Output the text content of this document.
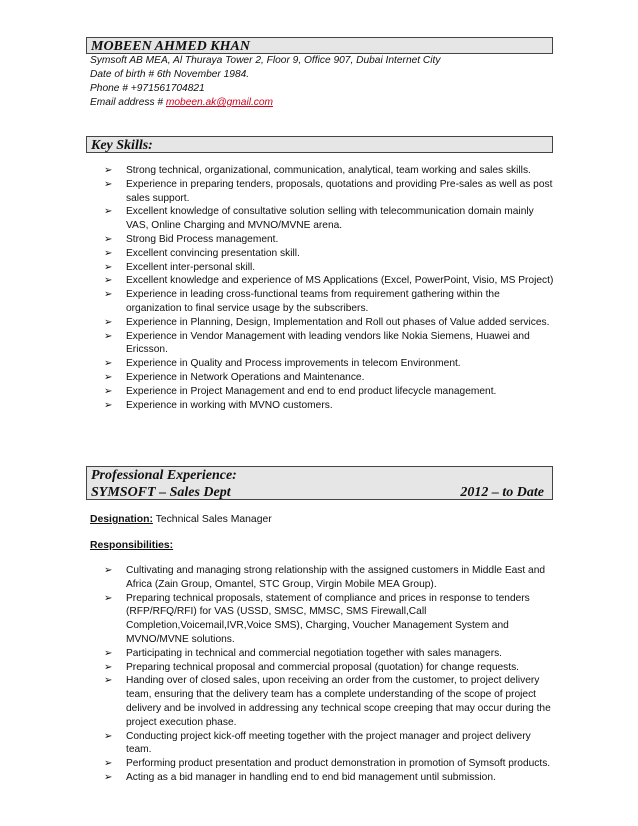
MOBEEN AHMED KHAN
Symsoft AB MEA, Al Thuraya Tower 2, Floor 9, Office 907, Dubai Internet City
Date of birth # 6th November 1984.
Phone # +971561704821
Email address # mobeen.ak@gmail.com
Key Skills:
➢ Strong technical, organizational, communication, analytical, team working and sales skills.
➢ Experience in preparing tenders, proposals, quotations and providing Pre-sales as well as post sales support.
➢ Excellent knowledge of consultative solution selling with telecommunication domain mainly VAS, Online Charging and MVNO/MVNE arena.
➢ Strong Bid Process management.
➢ Excellent convincing presentation skill.
➢ Excellent inter-personal skill.
➢ Excellent knowledge and experience of MS Applications (Excel, PowerPoint, Visio, MS Project)
➢ Experience in leading cross-functional teams from requirement gathering within the organization to final service usage by the subscribers.
➢ Experience in Planning, Design, Implementation and Roll out phases of Value added services.
➢ Experience in Vendor Management with leading vendors like Nokia Siemens, Huawei and Ericsson.
➢ Experience in Quality and Process improvements in telecom Environment.
➢ Experience in Network Operations and Maintenance.
➢ Experience in Project Management and end to end product lifecycle management.
➢ Experience in working with MVNO customers.
Professional Experience:
SYMSOFT – Sales Dept	2012 – to Date
Designation: Technical Sales Manager
Responsibilities:
➢ Cultivating and managing strong relationship with the assigned customers in Middle East and Africa (Zain Group, Omantel, STC Group, Virgin Mobile MEA Group).
➢ Preparing technical proposals, statement of compliance and prices in response to tenders (RFP/RFQ/RFI) for VAS (USSD, SMSC, MMSC, SMS Firewall,Call Completion,Voicemail,IVR,Voice SMS), Charging, Voucher Management System and MVNO/MVNE solutions.
➢ Participating in technical and commercial negotiation together with sales managers.
➢ Preparing technical proposal and commercial proposal (quotation) for change requests.
➢ Handing over of closed sales, upon receiving an order from the customer, to project delivery team, ensuring that the delivery team has a complete understanding of the scope of project delivery and be involved in addressing any technical scope creeping that may occur during the project execution phase.
➢ Conducting project kick-off meeting together with the project manager and project delivery team.
➢ Performing product presentation and product demonstration in promotion of Symsoft products.
➢ Acting as a bid manager in handling end to end bid management until submission.
